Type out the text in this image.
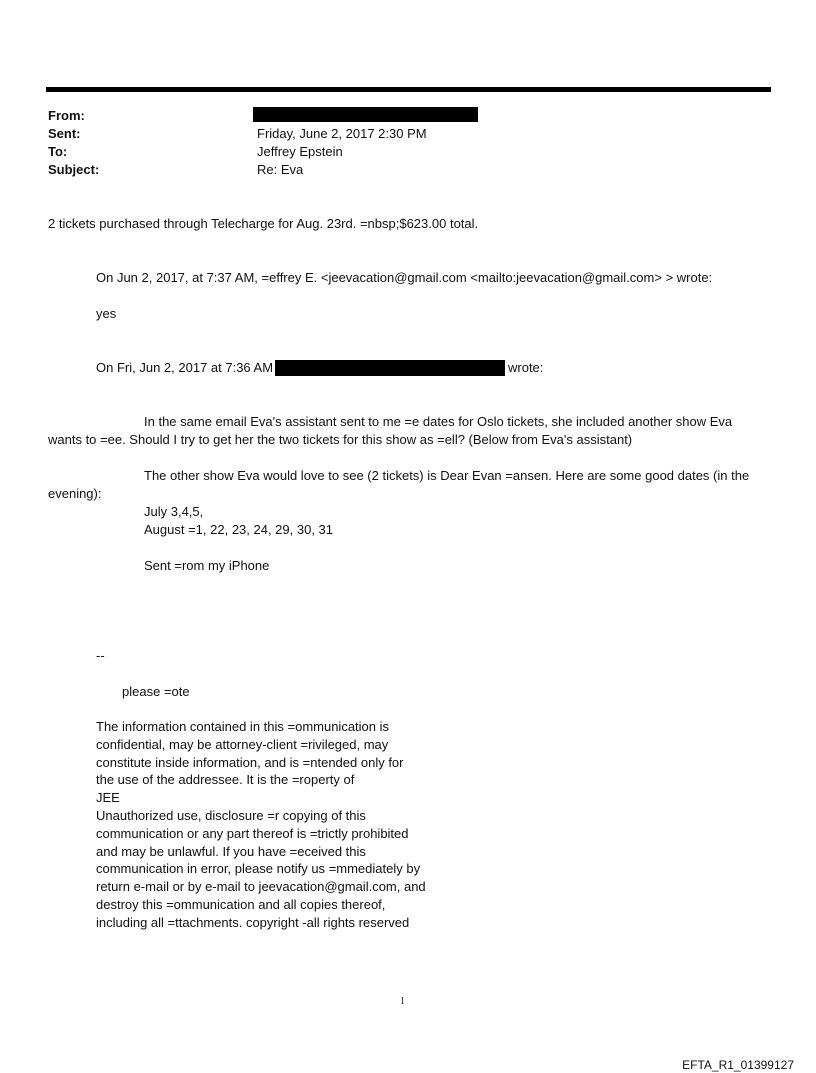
From:
Sent:	Friday, June 2, 2017 2:30 PM
To:	Jeffrey Epstein
Subject:	Re: Eva
2 tickets purchased through Telecharge for Aug. 23rd. =nbsp;$623.00 total.
On Jun 2, 2017, at 7:37 AM, =effrey E. <jeevacation@gmail.com <mailto:jeevacation@gmail.com> > wrote:
yes
On Fri, Jun 2, 2017 at 7:36 AM	wrote:
In the same email Eva's assistant sent to me =e dates for Oslo tickets, she included another show Eva
wants to =ee. Should I try to get her the two tickets for this show as =ell? (Below from Eva's assistant)
The other show Eva would love to see (2 tickets) is Dear Evan =ansen. Here are some good dates (in the
evening):
July 3,4,5,
August =1, 22, 23, 24, 29, 30, 31
Sent =rom my iPhone
--
please =ote
The information contained in this =ommunication is
confidential, may be attorney-client =rivileged, may
constitute inside information, and is =ntended only for
the use of the addressee. It is the =roperty of
JEE
Unauthorized use, disclosure =r copying of this
communication or any part thereof is =trictly prohibited
and may be unlawful. If you have =eceived this
communication in error, please notify us =mmediately by
return e-mail or by e-mail to jeevacation@gmail.com, and
destroy this =ommunication and all copies thereof,
including all =ttachments. copyright -all rights reserved
1
EFTA_R1_01399127
